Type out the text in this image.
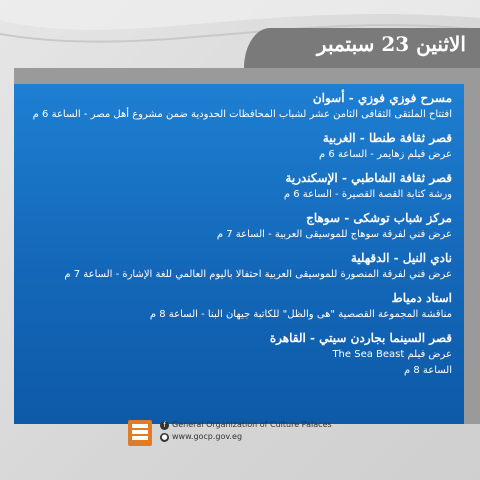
الاثنين 23 سبتمبر
مسرح فوزي فوزي - أسوان
افتتاح الملتقى الثقافى الثامن عشر لشباب المحافظات الحدودية ضمن مشروع أهل مصر - الساعة 6 م
قصر ثقافة طنطا - الغربية
عرض فيلم زهايمر - الساعة 6 م
قصر ثقافة الشاطبي - الإسكندرية
ورشة كتابة القصة القصيرة - الساعة 6 م
مركز شباب توشكى - سوهاج
عرض فني لفرقة سوهاج للموسيقى العربية - الساعة 7 م
نادي النيل - الدقهلية
عرض فني لفرقة المنصورة للموسيقى العربية احتفالا باليوم العالمي للغة الإشارة - الساعة 7 م
استاد دمياط
مناقشة المجموعة القصصية "هى والظل" للكاتبة جيهان البنا - الساعة 8 م
قصر السينما بجاردن سيتي - القاهرة
عرض فيلم The Sea Beast
الساعة 8 م
f General Organization of Culture Palaces
● www.gocp.gov.eg
